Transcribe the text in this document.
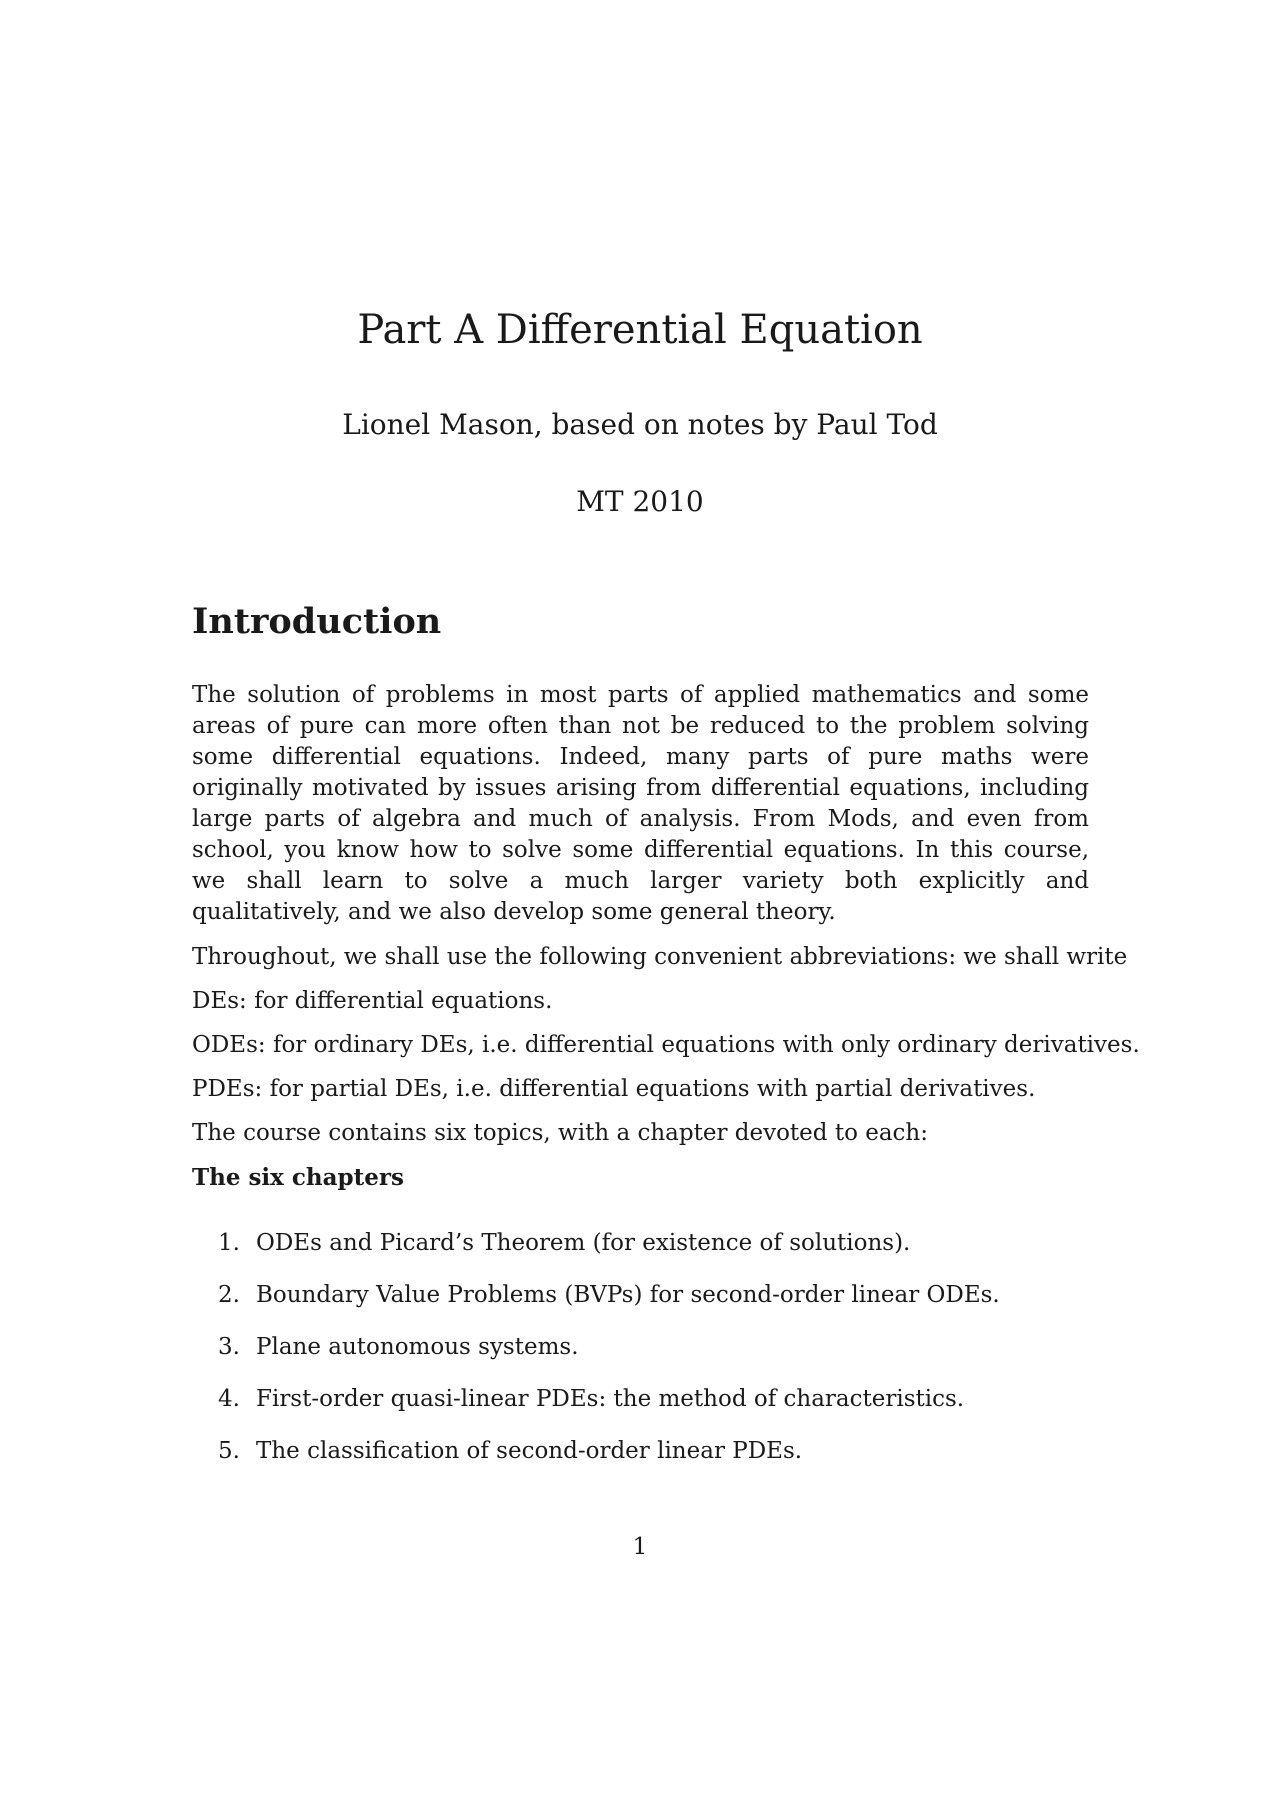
Part A Differential Equation
Lionel Mason, based on notes by Paul Tod
MT 2010
Introduction

The solution of problems in most parts of applied mathematics and some areas of pure can more often than not be reduced to the problem solving some differential equations. Indeed, many parts of pure maths were originally motivated by issues arising from differential equations, including large parts of algebra and much of analysis. From Mods, and even from school, you know how to solve some differential equations. In this course, we shall learn to solve a much larger variety both explicitly and qualitatively, and we also develop some general theory.

Throughout, we shall use the following convenient abbreviations: we shall write

DEs: for differential equations.

ODEs: for ordinary DEs, i.e. differential equations with only ordinary derivatives.

PDEs: for partial DEs, i.e. differential equations with partial derivatives.

The course contains six topics, with a chapter devoted to each:

The six chapters

1. ODEs and Picard’s Theorem (for existence of solutions).
2. Boundary Value Problems (BVPs) for second-order linear ODEs.
3. Plane autonomous systems.
4. First-order quasi-linear PDEs: the method of characteristics.
5. The classification of second-order linear PDEs.
1
